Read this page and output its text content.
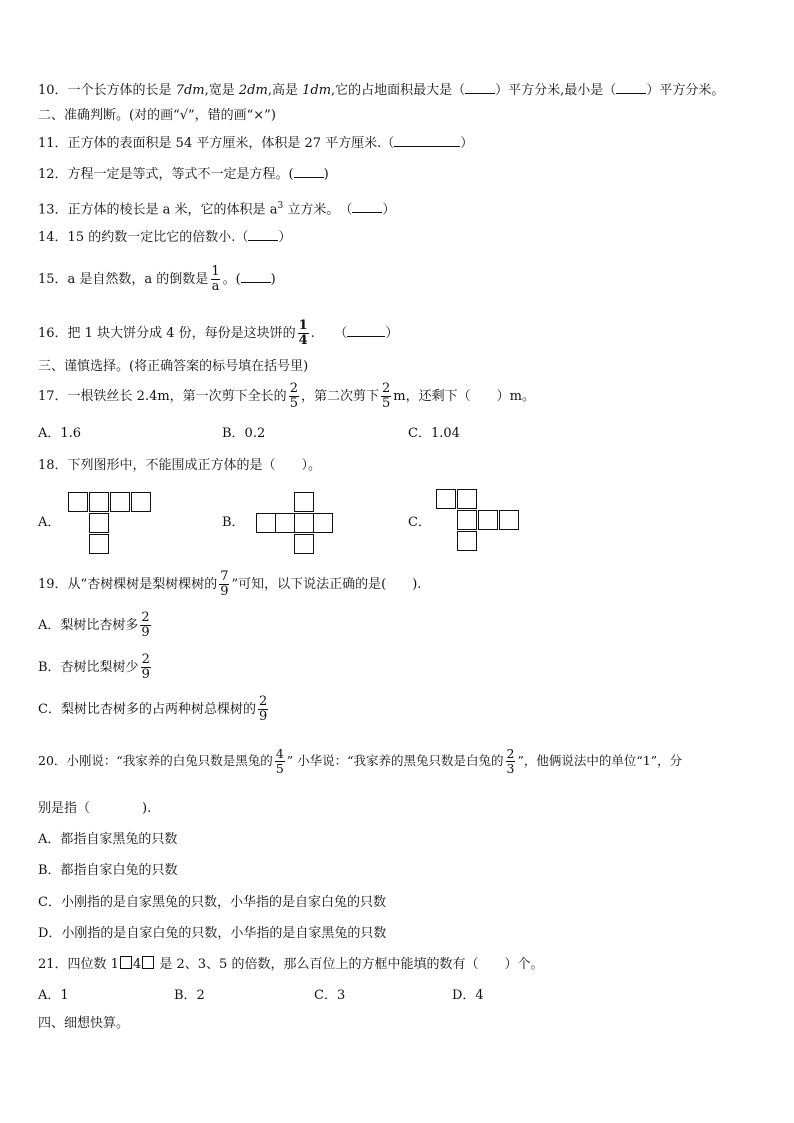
10．一个长方体的长是 7dm,宽是 2dm,高是 1dm,它的占地面积最大是（ ）平方分米,最小是（ ）平方分米。
二、准确判断。(对的画“√”，错的画“×”)
11．正方体的表面积是 54 平方厘米，体积是 27 平方厘米.（	）
12．方程一定是等式，等式不一定是方程。( )
13．正方体的棱长是 a 米，它的体积是 $a^3$ 立方米。　（ ）
14．15 的约数一定比它的倍数小.（ ）
15．a 是自然数，a 的倒数是 $\frac{1}{a}$ 。( )
16．把 1 块大饼分成 4 份，每份是这块饼的 $\frac{1}{4}$ .　　（	）
三、谨慎选择。(将正确答案的标号填在括号里)
17．一根铁丝长 2.4m，第一次剪下全长的 $\frac{2}{5}$ ，第二次剪下 $\frac{2}{5}$ m，还剩下（　　）m。
A．1.6	B．0.2	C．1.04
18．下列图形中，不能围成正方体的是（　　）。
A．	B．	C．
19．从“杏树棵树是梨树棵树的 $\frac{7}{9}$ ”可知，以下说法正确的是(　　).
A．梨树比杏树多 $\frac{2}{9}$
B．杏树比梨树少 $\frac{2}{9}$
C．梨树比杏树多的占两种树总棵树的 $\frac{2}{9}$
20．小刚说：“我家养的白兔只数是黑兔的 $\frac{4}{5}$ ” 小华说：“我家养的黑兔只数是白兔的 $\frac{2}{3}$ ”，他俩说法中的单位“1”，分
别是指（　　　　).
A．都指自家黑兔的只数
B．都指自家白兔的只数
C．小刚指的是自家黑兔的只数，小华指的是自家白兔的只数
D．小刚指的是自家白兔的只数，小华指的是自家黑兔的只数
21．四位数 1 4 是 2、3、5 的倍数，那么百位上的方框中能填的数有（　　）个。
A．1	B．2	C．3	D．4
四、细想快算。
